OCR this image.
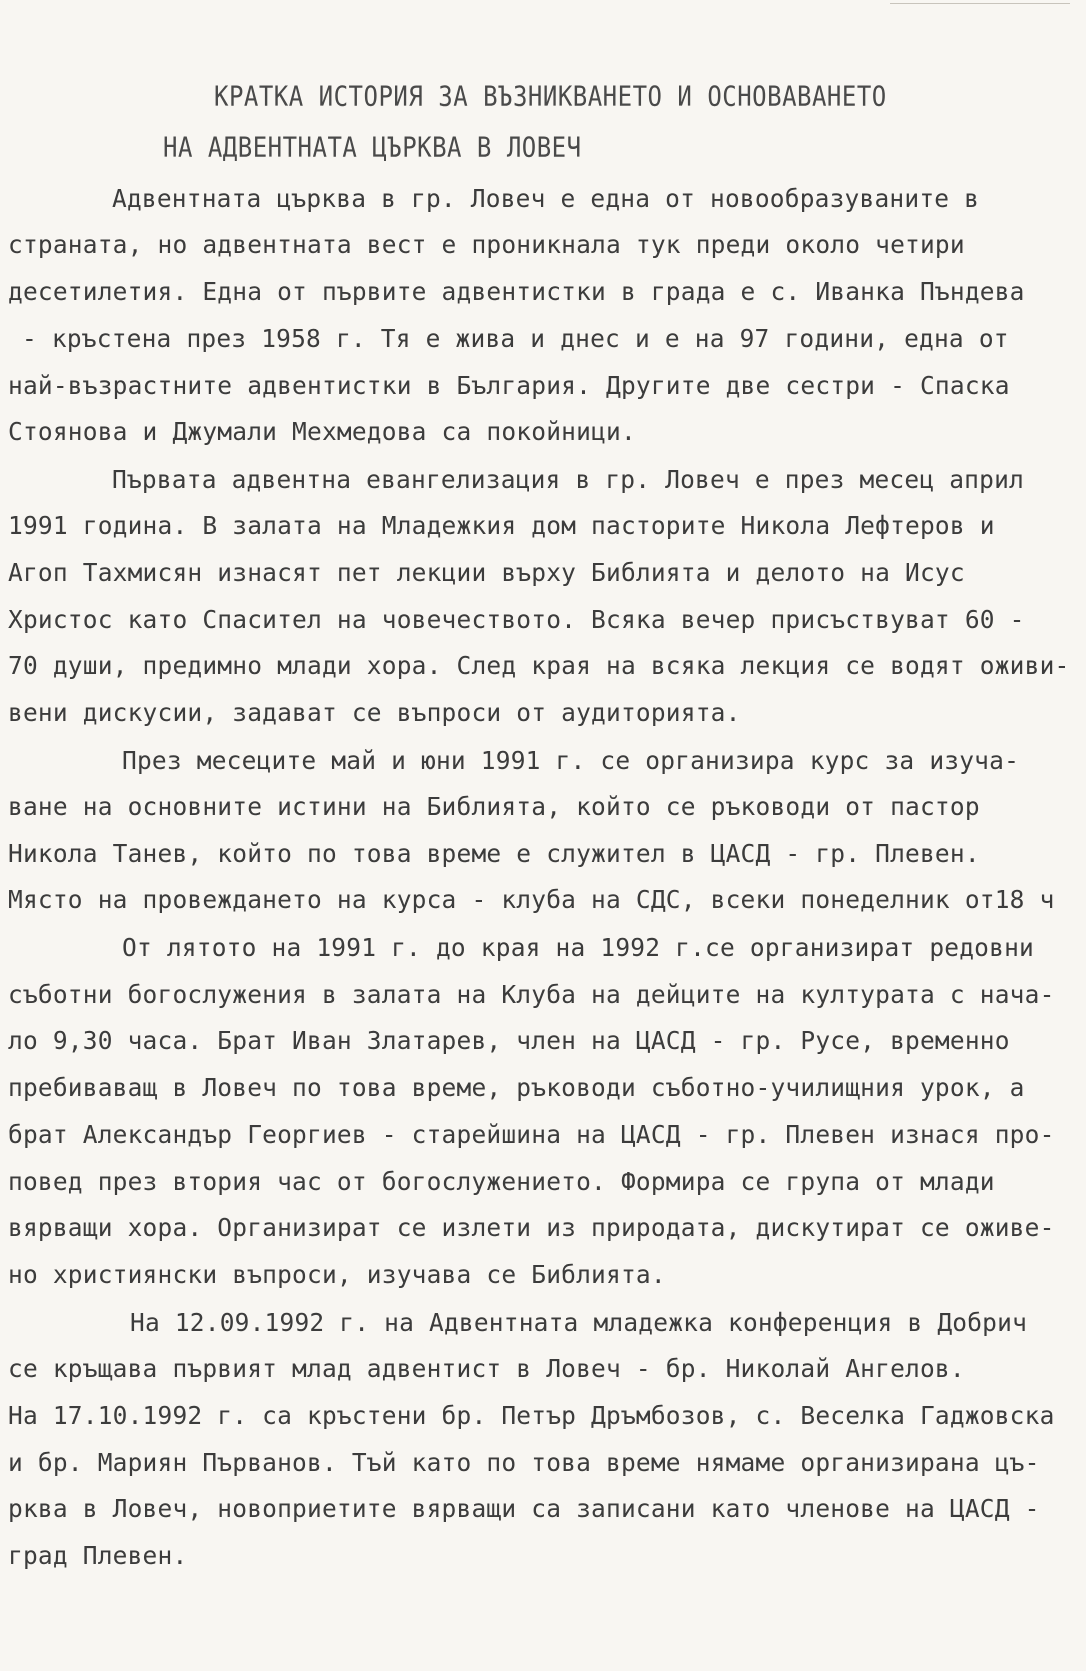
КРАТКА ИСТОРИЯ ЗА ВЪЗНИКВАНЕТО И ОСНОВАВАНЕТО
НА АДВЕНТНАТА ЦЪРКВА В ЛОВЕЧ
Адвентната църква в гр. Ловеч е една от новообразуваните в
страната, но адвентната вест е проникнала тук преди около четири
десетилетия. Една от първите адвентистки в града е с. Иванка Пъндева
- кръстена през 1958 г. Тя е жива и днес и е на 97 години, една от
най-възрастните адвентистки в България. Другите две сестри - Спаска
Стоянова и Джумали Мехмедова са покойници.
Първата адвентна евангелизация в гр. Ловеч е през месец април
1991 година. В залата на Младежкия дом пасторите Никола Лефтеров и
Агоп Тахмисян изнасят пет лекции върху Библията и делото на Исус
Христос като Спасител на човечеството. Всяка вечер присъствуват 60 -
70 души, предимно млади хора. След края на всяка лекция се водят оживи-
вени дискусии, задават се въпроси от аудиторията.
През месеците май и юни 1991 г. се организира курс за изуча-
ване на основните истини на Библията, който се ръководи от пастор
Никола Танев, който по това време е служител в ЦАСД - гр. Плевен.
Място на провеждането на курса - клуба на СДС, всеки понеделник от18 ч
От лятото на 1991 г. до края на 1992 г.се организират редовни
съботни богослужения в залата на Клуба на дейците на културата с нача-
ло 9,30 часа. Брат Иван Златарев, член на ЦАСД - гр. Русе, временно
пребиваващ в Ловеч по това време, ръководи съботно-училищния урок, а
брат Александър Георгиев - старейшина на ЦАСД - гр. Плевен изнася про-
повед през втория час от богослужението. Формира се група от млади
вярващи хора. Организират се излети из природата, дискутират се оживе-
но християнски въпроси, изучава се Библията.
На 12.09.1992 г. на Адвентната младежка конференция в Добрич
се кръщава първият млад адвентист в Ловеч - бр. Николай Ангелов.
На 17.10.1992 г. са кръстени бр. Петър Дръмбозов, с. Веселка Гаджовска
и бр. Мариян Първанов. Тъй като по това време нямаме организирана цъ-
рква в Ловеч, новоприетите вярващи са записани като членове на ЦАСД -
град Плевен.
